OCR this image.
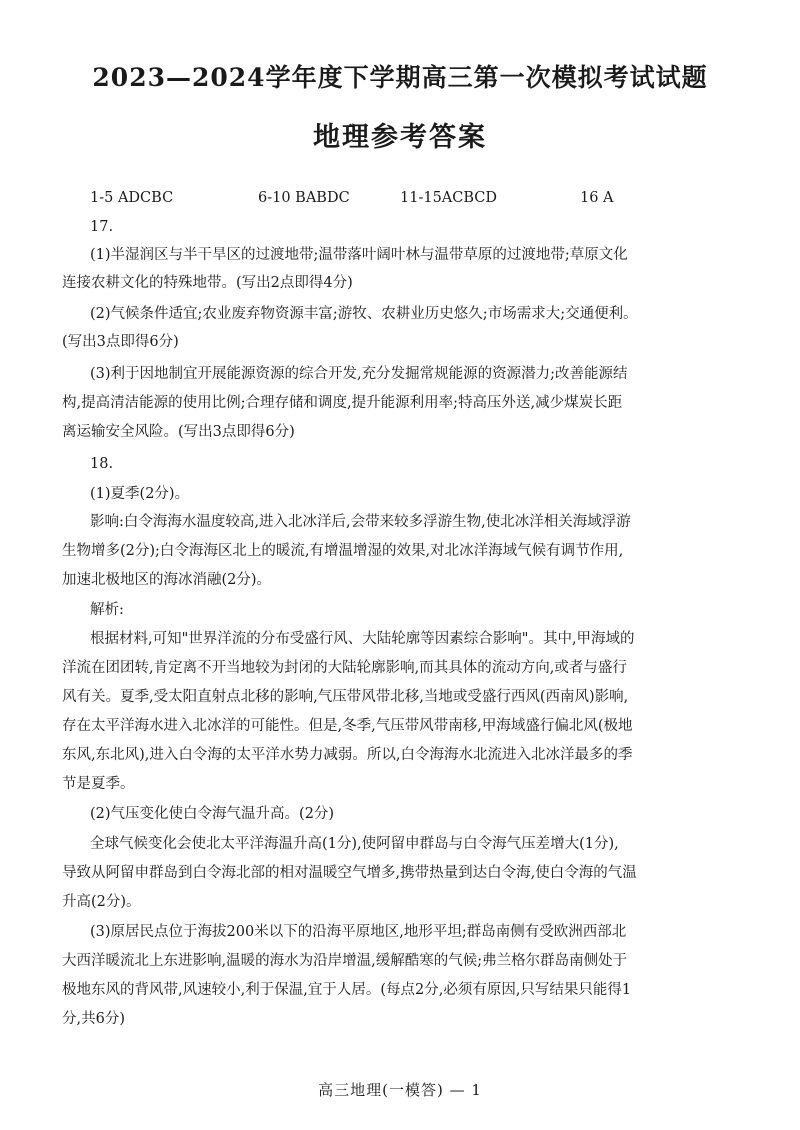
2023—2024学年度下学期高三第一次模拟考试试题
地理参考答案
1-5 ADCBC	6-10 BABDC	11-15ACBCD	16 A
17.
(1)半湿润区与半干旱区的过渡地带;温带落叶阔叶林与温带草原的过渡地带;草原文化
连接农耕文化的特殊地带。(写出2点即得4分)
(2)气候条件适宜;农业废弃物资源丰富;游牧、农耕业历史悠久;市场需求大;交通便利。
(写出3点即得6分)
(3)利于因地制宜开展能源资源的综合开发,充分发掘常规能源的资源潜力;改善能源结
构,提高清洁能源的使用比例;合理存储和调度,提升能源利用率;特高压外送,减少煤炭长距
离运输安全风险。(写出3点即得6分)
18.
(1)夏季(2分)。
影响:白令海海水温度较高,进入北冰洋后,会带来较多浮游生物,使北冰洋相关海域浮游
生物增多(2分);白令海海区北上的暖流,有增温增湿的效果,对北冰洋海域气候有调节作用,
加速北极地区的海冰消融(2分)。
解析:
根据材料,可知"世界洋流的分布受盛行风、大陆轮廓等因素综合影响"。其中,甲海域的
洋流在团团转,肯定离不开当地较为封闭的大陆轮廓影响,而其具体的流动方向,或者与盛行
风有关。夏季,受太阳直射点北移的影响,气压带风带北移,当地或受盛行西风(西南风)影响,
存在太平洋海水进入北冰洋的可能性。但是,冬季,气压带风带南移,甲海域盛行偏北风(极地
东风,东北风),进入白令海的太平洋水势力减弱。所以,白令海海水北流进入北冰洋最多的季
节是夏季。
(2)气压变化使白令海气温升高。(2分)
全球气候变化会使北太平洋海温升高(1分),使阿留申群岛与白令海气压差增大(1分),
导致从阿留申群岛到白令海北部的相对温暖空气增多,携带热量到达白令海,使白令海的气温
升高(2分)。
(3)原居民点位于海拔200米以下的沿海平原地区,地形平坦;群岛南侧有受欧洲西部北
大西洋暖流北上东进影响,温暖的海水为沿岸增温,缓解酷寒的气候;弗兰格尔群岛南侧处于
极地东风的背风带,风速较小,利于保温,宜于人居。(每点2分,必须有原因,只写结果只能得1
分,共6分)
高三地理(一模答) — 1
